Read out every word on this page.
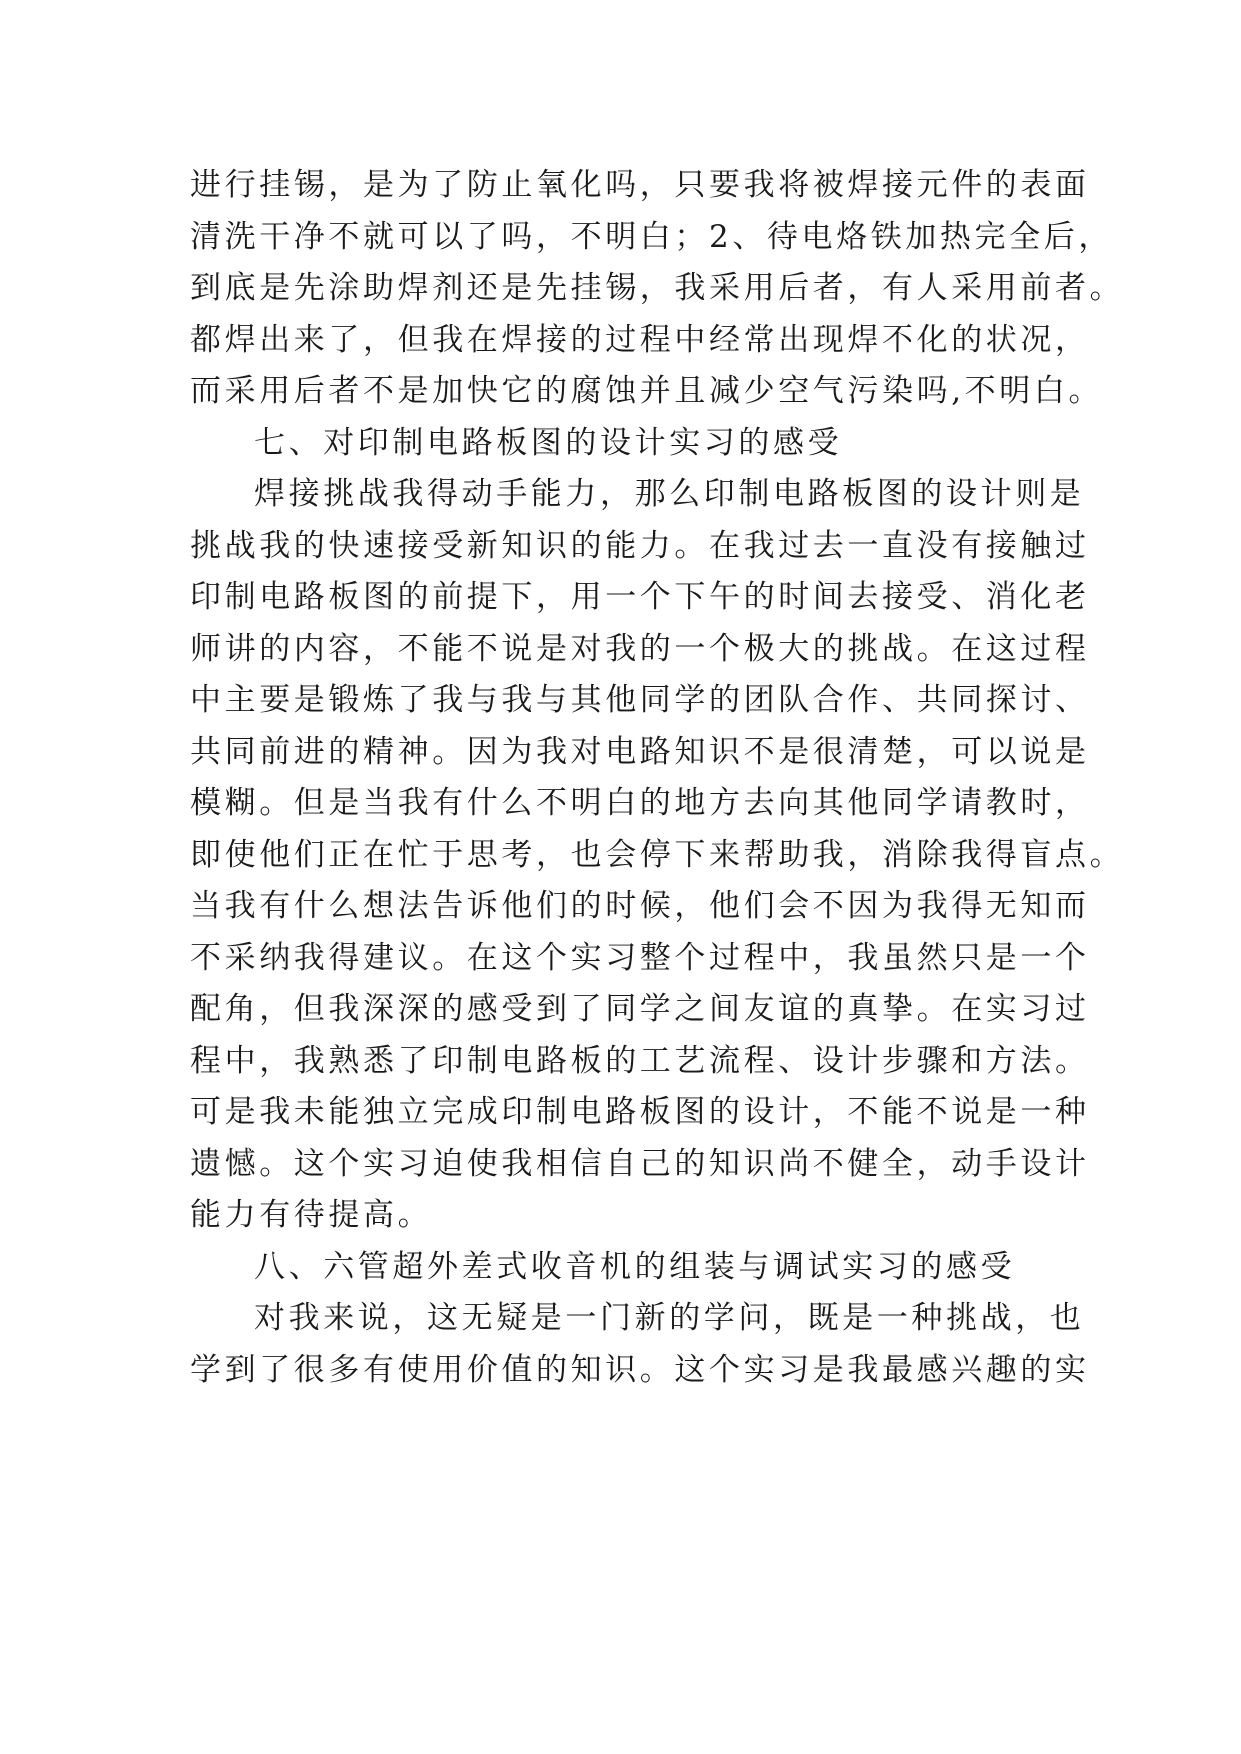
进行挂锡，是为了防止氧化吗，只要我将被焊接元件的表面
清洗干净不就可以了吗，不明白；2、待电烙铁加热完全后，
到底是先涂助焊剂还是先挂锡，我采用后者，有人采用前者。
都焊出来了，但我在焊接的过程中经常出现焊不化的状况，
而采用后者不是加快它的腐蚀并且减少空气污染吗,不明白。
七、对印制电路板图的设计实习的感受
焊接挑战我得动手能力，那么印制电路板图的设计则是
挑战我的快速接受新知识的能力。在我过去一直没有接触过
印制电路板图的前提下，用一个下午的时间去接受、消化老
师讲的内容，不能不说是对我的一个极大的挑战。在这过程
中主要是锻炼了我与我与其他同学的团队合作、共同探讨、
共同前进的精神。因为我对电路知识不是很清楚，可以说是
模糊。但是当我有什么不明白的地方去向其他同学请教时，
即使他们正在忙于思考，也会停下来帮助我，消除我得盲点。
当我有什么想法告诉他们的时候，他们会不因为我得无知而
不采纳我得建议。在这个实习整个过程中，我虽然只是一个
配角，但我深深的感受到了同学之间友谊的真挚。在实习过
程中，我熟悉了印制电路板的工艺流程、设计步骤和方法。
可是我未能独立完成印制电路板图的设计，不能不说是一种
遗憾。这个实习迫使我相信自己的知识尚不健全，动手设计
能力有待提高。
八、六管超外差式收音机的组装与调试实习的感受
对我来说，这无疑是一门新的学问，既是一种挑战，也
学到了很多有使用价值的知识。这个实习是我最感兴趣的实
